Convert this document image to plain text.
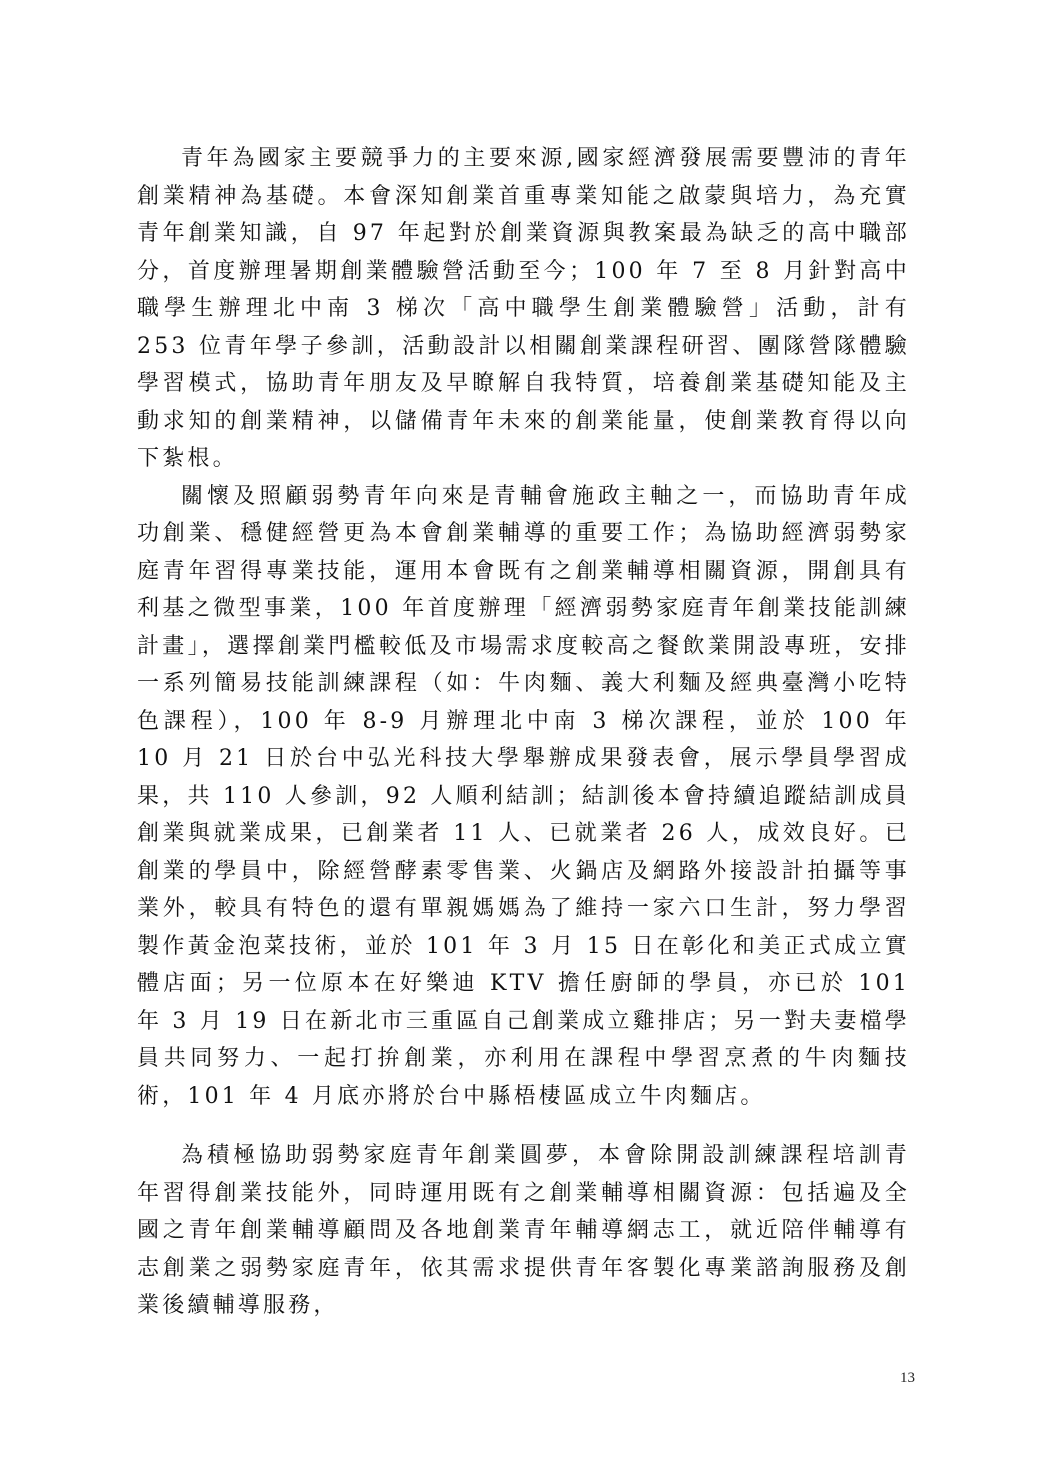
青年為國家主要競爭力的主要來源,國家經濟發展需要豐沛的青年創業精神為基礎。本會深知創業首重專業知能之啟蒙與培力，為充實青年創業知識，自 97 年起對於創業資源與教案最為缺乏的高中職部分，首度辦理暑期創業體驗營活動至今；100 年 7 至 8 月針對高中職學生辦理北中南 3 梯次「高中職學生創業體驗營」活動，計有 253 位青年學子參訓，活動設計以相關創業課程研習、團隊營隊體驗學習模式，協助青年朋友及早瞭解自我特質，培養創業基礎知能及主動求知的創業精神，以儲備青年未來的創業能量，使創業教育得以向下紮根。

關懷及照顧弱勢青年向來是青輔會施政主軸之一，而協助青年成功創業、穩健經營更為本會創業輔導的重要工作；為協助經濟弱勢家庭青年習得專業技能，運用本會既有之創業輔導相關資源，開創具有利基之微型事業，100 年首度辦理「經濟弱勢家庭青年創業技能訓練計畫」，選擇創業門檻較低及市場需求度較高之餐飲業開設專班，安排一系列簡易技能訓練課程（如：牛肉麵、義大利麵及經典臺灣小吃特色課程），100 年 8-9 月辦理北中南 3 梯次課程，並於 100 年 10 月 21 日於台中弘光科技大學舉辦成果發表會，展示學員學習成果，共 110 人參訓，92 人順利結訓；結訓後本會持續追蹤結訓成員創業與就業成果，已創業者 11 人、已就業者 26 人，成效良好。已創業的學員中，除經營酵素零售業、火鍋店及網路外接設計拍攝等事業外，較具有特色的還有單親媽媽為了維持一家六口生計，努力學習製作黃金泡菜技術，並於 101 年 3 月 15 日在彰化和美正式成立實體店面；另一位原本在好樂迪 KTV 擔任廚師的學員，亦已於 101 年 3 月 19 日在新北市三重區自己創業成立雞排店；另一對夫妻檔學員共同努力、一起打拚創業，亦利用在課程中學習烹煮的牛肉麵技術，101 年 4 月底亦將於台中縣梧棲區成立牛肉麵店。

為積極協助弱勢家庭青年創業圓夢，本會除開設訓練課程培訓青年習得創業技能外，同時運用既有之創業輔導相關資源：包括遍及全國之青年創業輔導顧問及各地創業青年輔導網志工，就近陪伴輔導有志創業之弱勢家庭青年，依其需求提供青年客製化專業諮詢服務及創業後續輔導服務，

13
